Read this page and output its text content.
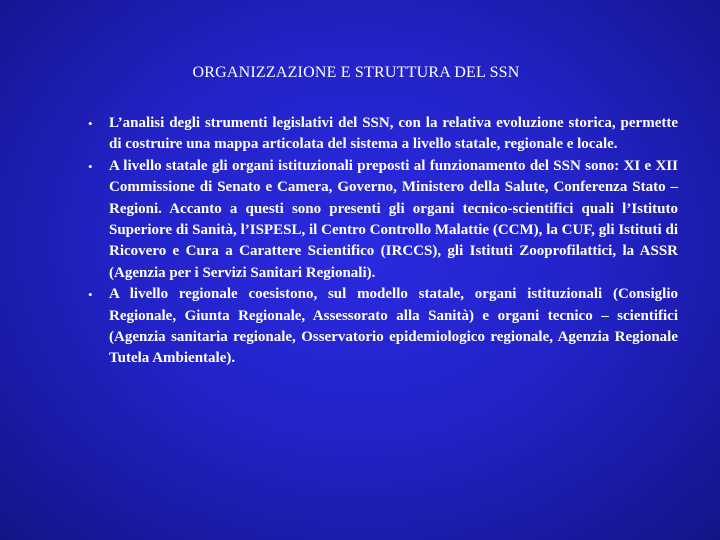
ORGANIZZAZIONE E STRUTTURA DEL SSN
•	L’analisi degli strumenti legislativi del SSN, con la relativa evoluzione storica, permette di costruire una mappa articolata del sistema a livello statale, regionale e locale.
•	A livello statale gli organi istituzionali preposti al funzionamento del SSN sono: XI e XII Commissione di Senato e Camera, Governo, Ministero della Salute, Conferenza Stato – Regioni. Accanto a questi sono presenti gli organi tecnico-scientifici quali l’Istituto Superiore di Sanità, l’ISPESL, il Centro Controllo Malattie (CCM), la CUF, gli Istituti di Ricovero e Cura a Carattere Scientifico (IRCCS), gli Istituti Zooprofilattici, la ASSR (Agenzia per i Servizi Sanitari Regionali).
•	A livello regionale coesistono, sul modello statale, organi istituzionali (Consiglio Regionale, Giunta Regionale, Assessorato alla Sanità) e organi tecnico – scientifici (Agenzia sanitaria regionale, Osservatorio epidemiologico regionale, Agenzia Regionale Tutela Ambientale).
